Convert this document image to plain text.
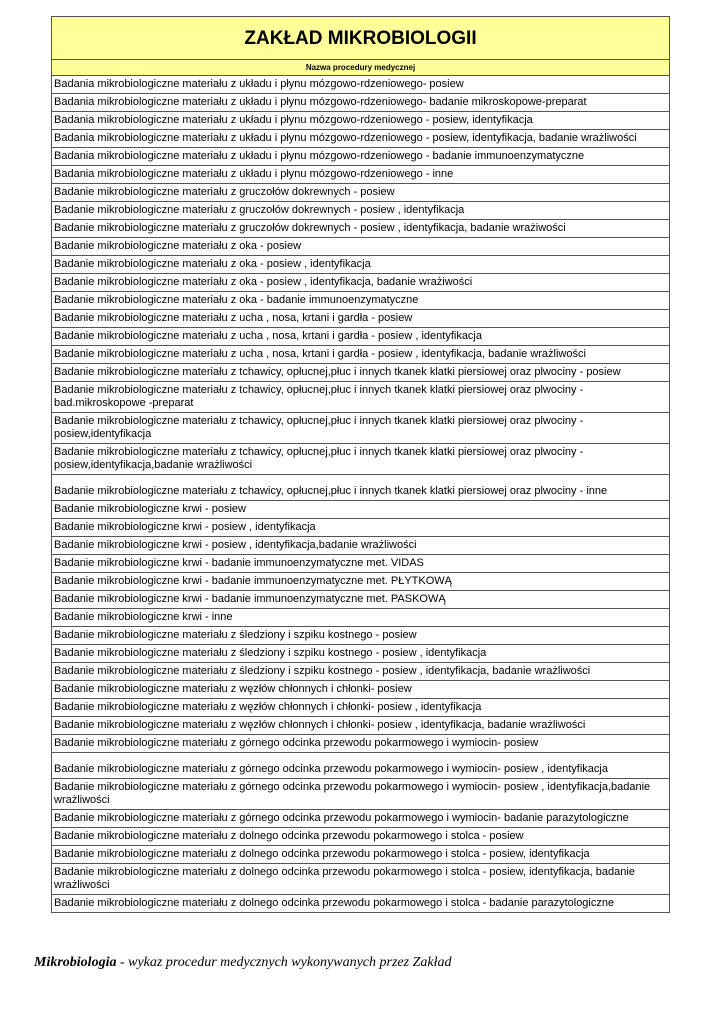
ZAKŁAD MIKROBIOLOGII
Nazwa procedury medycznej
Badania mikrobiologiczne materiału z układu i płynu mózgowo-rdzeniowego- posiew
Badania mikrobiologiczne materiału z układu i płynu mózgowo-rdzeniowego- badanie mikroskopowe-preparat
Badania mikrobiologiczne materiału z układu i płynu mózgowo-rdzeniowego - posiew, identyfikacja
Badania mikrobiologiczne materiału z układu i płynu mózgowo-rdzeniowego - posiew, identyfikacja, badanie wrażliwości
Badania mikrobiologiczne materiału z układu i płynu mózgowo-rdzeniowego - badanie immunoenzymatyczne
Badania mikrobiologiczne materiału z układu i płynu mózgowo-rdzeniowego - inne
Badanie mikrobiologiczne materiału z gruczołów dokrewnych - posiew
Badanie mikrobiologiczne materiału z gruczołów dokrewnych - posiew , identyfikacja
Badanie mikrobiologiczne materiału z gruczołów dokrewnych - posiew , identyfikacja, badanie wrażiwości
Badanie mikrobiologiczne materiału z oka - posiew
Badanie mikrobiologiczne materiału z oka - posiew , identyfikacja
Badanie mikrobiologiczne materiału z oka - posiew , identyfikacja, badanie wrażiwości
Badanie mikrobiologiczne materiału z oka - badanie immunoenzymatyczne
Badanie mikrobiologiczne materiału z ucha , nosa, krtani i gardła - posiew
Badanie mikrobiologiczne materiału z ucha , nosa, krtani i gardła - posiew , identyfikacja
Badanie mikrobiologiczne materiału z ucha , nosa, krtani i gardła - posiew , identyfikacja, badanie wrażliwości
Badanie mikrobiologiczne materiału z tchawicy, opłucnej,płuc i innych tkanek klatki piersiowej oraz plwociny - posiew
Badanie mikrobiologiczne materiału z tchawicy, opłucnej,płuc i innych tkanek klatki piersiowej oraz plwociny - bad.mikroskopowe -preparat
Badanie mikrobiologiczne materiału z tchawicy, opłucnej,płuc i innych tkanek klatki piersiowej oraz plwociny - posiew,identyfikacja
Badanie mikrobiologiczne materiału z tchawicy, opłucnej,płuc i innych tkanek klatki piersiowej oraz plwociny - posiew,identyfikacja,badanie wrażliwości
Badanie mikrobiologiczne materiału z tchawicy, opłucnej,płuc i innych tkanek klatki piersiowej oraz plwociny - inne
Badanie mikrobiologiczne krwi - posiew
Badanie mikrobiologiczne krwi - posiew , identyfikacja
Badanie mikrobiologiczne krwi - posiew , identyfikacja,badanie wrażliwości
Badanie mikrobiologiczne krwi - badanie immunoenzymatyczne met. VIDAS
Badanie mikrobiologiczne krwi - badanie immunoenzymatyczne met. PŁYTKOWĄ
Badanie mikrobiologiczne krwi - badanie immunoenzymatyczne met. PASKOWĄ
Badanie mikrobiologiczne krwi - inne
Badanie mikrobiologiczne materiału z śledziony i szpiku kostnego - posiew
Badanie mikrobiologiczne materiału z śledziony i szpiku kostnego - posiew , identyfikacja
Badanie mikrobiologiczne materiału z śledziony i szpiku kostnego - posiew , identyfikacja, badanie wrażliwości
Badanie mikrobiologiczne materiału z węzłów chłonnych i chłonki- posiew
Badanie mikrobiologiczne materiału z węzłów chłonnych i chłonki- posiew , identyfikacja
Badanie mikrobiologiczne materiału z węzłów chłonnych i chłonki- posiew , identyfikacja, badanie wrażliwości
Badanie mikrobiologiczne materiału z górnego odcinka przewodu pokarmowego i wymiocin- posiew
Badanie mikrobiologiczne materiału z górnego odcinka przewodu pokarmowego i wymiocin- posiew , identyfikacja
Badanie mikrobiologiczne materiału z górnego odcinka przewodu pokarmowego i wymiocin- posiew , identyfikacja,badanie wrażliwości
Badanie mikrobiologiczne materiału z górnego odcinka przewodu pokarmowego i wymiocin- badanie parazytologiczne
Badanie mikrobiologiczne materiału z dolnego odcinka przewodu pokarmowego i stolca - posiew
Badanie mikrobiologiczne materiału z dolnego odcinka przewodu pokarmowego i stolca - posiew, identyfikacja
Badanie mikrobiologiczne materiału z dolnego odcinka przewodu pokarmowego i stolca - posiew, identyfikacja, badanie wrażliwości
Badanie mikrobiologiczne materiału z dolnego odcinka przewodu pokarmowego i stolca - badanie parazytologiczne
Mikrobiologia - wykaz procedur medycznych wykonywanych przez Zakład
